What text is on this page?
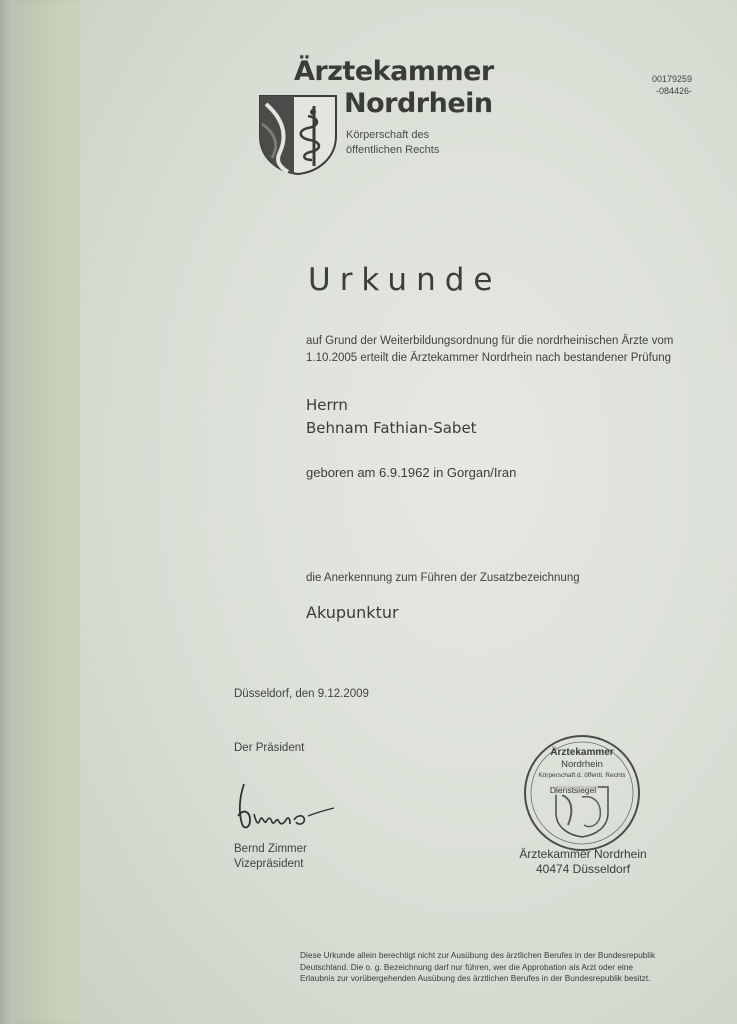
Ärztekammer
Nordrhein
Körperschaft des
öffentlichen Rechts
00179259
-084426-
Urkunde
auf Grund der Weiterbildungsordnung für die nordrheinischen Ärzte vom 1.10.2005 erteilt die Ärztekammer Nordrhein nach bestandener Prüfung
Herrn
Behnam Fathian-Sabet
geboren am 6.9.1962 in Gorgan/Iran
die Anerkennung zum Führen der Zusatzbezeichnung
Akupunktur
Düsseldorf, den 9.12.2009
Der Präsident
Bernd Zimmer
Vizepräsident
Ärztekammer
Nordrhein
Körperschaft d. öffentl. Rechts
Dienstsiegel
Ärztekammer Nordrhein
40474 Düsseldorf
Diese Urkunde allein berechtigt nicht zur Ausübung des ärztlichen Berufes in der Bundesrepublik Deutschland. Die o. g. Bezeichnung darf nur führen, wer die Approbation als Arzt oder eine Erlaubnis zur vorübergehenden Ausübung des ärztlichen Berufes in der Bundesrepublik besitzt.
